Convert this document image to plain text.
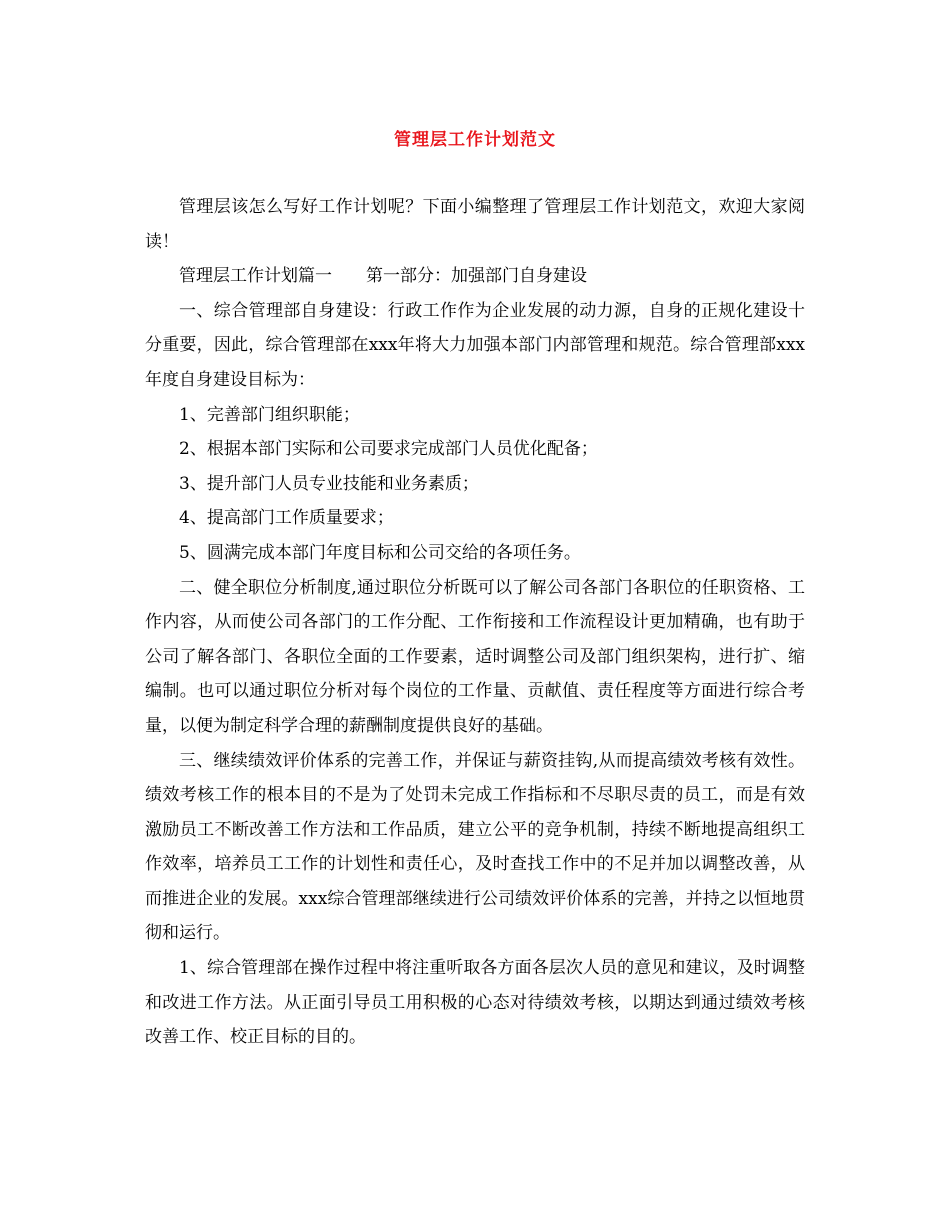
管理层工作计划范文

管理层该怎么写好工作计划呢？下面小编整理了管理层工作计划范文，欢迎大家阅读！

管理层工作计划篇一　　第一部分：加强部门自身建设

一、综合管理部自身建设：行政工作作为企业发展的动力源，自身的正规化建设十分重要，因此，综合管理部在xxx年将大力加强本部门内部管理和规范。综合管理部xxx年度自身建设目标为：

1、完善部门组织职能；

2、根据本部门实际和公司要求完成部门人员优化配备；

3、提升部门人员专业技能和业务素质；

4、提高部门工作质量要求；

5、圆满完成本部门年度目标和公司交给的各项任务。

二、健全职位分析制度,通过职位分析既可以了解公司各部门各职位的任职资格、工作内容，从而使公司各部门的工作分配、工作衔接和工作流程设计更加精确，也有助于公司了解各部门、各职位全面的工作要素，适时调整公司及部门组织架构，进行扩、缩编制。也可以通过职位分析对每个岗位的工作量、贡献值、责任程度等方面进行综合考量，以便为制定科学合理的薪酬制度提供良好的基础。

三、继续绩效评价体系的完善工作，并保证与薪资挂钩,从而提高绩效考核有效性。绩效考核工作的根本目的不是为了处罚未完成工作指标和不尽职尽责的员工，而是有效激励员工不断改善工作方法和工作品质，建立公平的竞争机制，持续不断地提高组织工作效率，培养员工工作的计划性和责任心，及时查找工作中的不足并加以调整改善，从而推进企业的发展。xxx综合管理部继续进行公司绩效评价体系的完善，并持之以恒地贯彻和运行。

1、综合管理部在操作过程中将注重听取各方面各层次人员的意见和建议，及时调整和改进工作方法。从正面引导员工用积极的心态对待绩效考核，以期达到通过绩效考核改善工作、校正目标的目的。
